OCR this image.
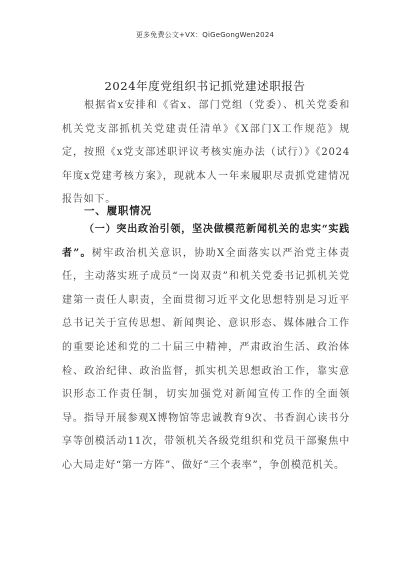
更多免费公文+VX：QiGeGongWen2024
2024年度党组织书记抓党建述职报告

根据省x安排和《省x、部门党组（党委）、机关党委和机关党支部抓机关党建责任清单》《X部门X工作规范》规定，按照《x党支部述职评议考核实施办法（试行）》《2024年度x党建考核方案》，现就本人一年来履职尽责抓党建情况报告如下。

一、履职情况

（一）突出政治引领，坚决做模范新闻机关的忠实“实践者”。树牢政治机关意识，协助X全面落实以严治党主体责任，主动落实班子成员“一岗双责”和机关党委书记抓机关党建第一责任人职责，全面贯彻习近平文化思想特别是习近平总书记关于宣传思想、新闻舆论、意识形态、媒体融合工作的重要论述和党的二十届三中精神，严肃政治生活、政治体检、政治纪律、政治监督，抓实机关思想政治工作，靠实意识形态工作责任制，切实加强党对新闻宣传工作的全面领导。指导开展参观X博物馆等忠诚教育9次、书香润心读书分享等创模活动11次，带领机关各级党组织和党员干部聚焦中心大局走好“第一方阵”、做好“三个表率”，争创模范机关。
